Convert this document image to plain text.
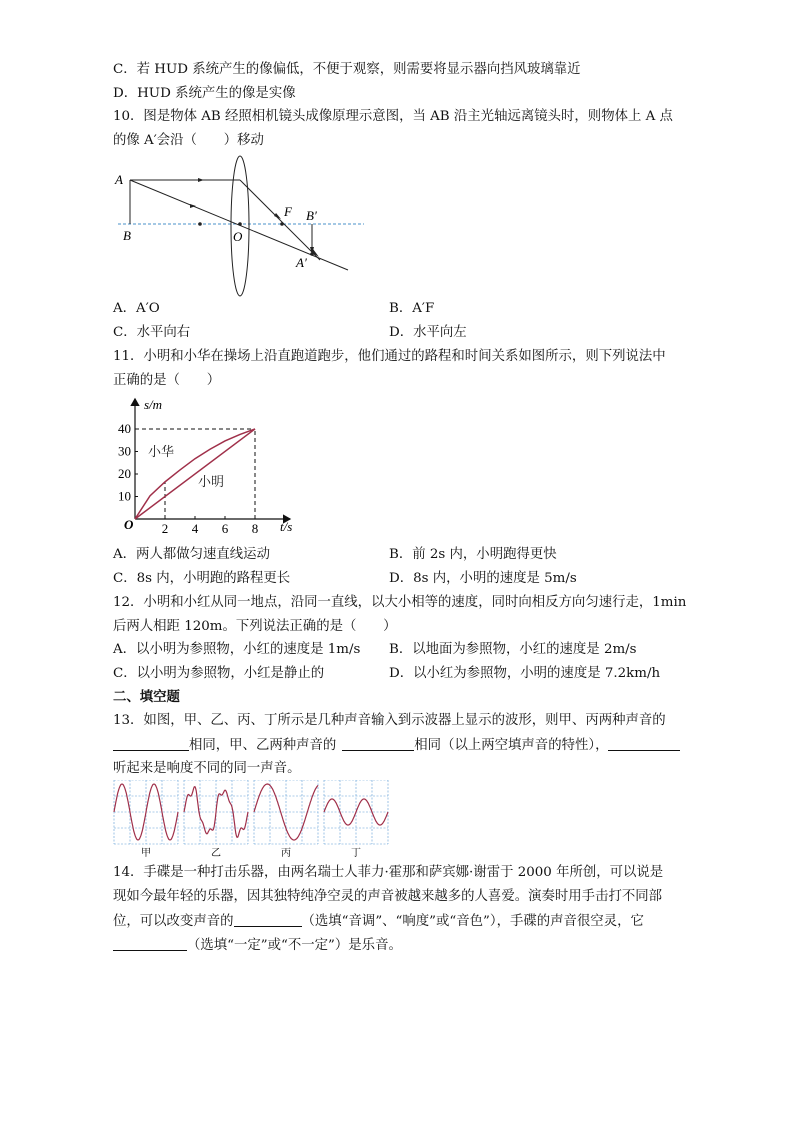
C．若 HUD 系统产生的像偏低，不便于观察，则需要将显示器向挡风玻璃靠近
D．HUD 系统产生的像是实像
10．图是物体 AB 经照相机镜头成像原理示意图，当 AB 沿主光轴远离镜头时，则物体上 A 点
的像 A′会沿（　　）移动
A
B	O
F B′
A′
A．A′O	B．A′F
C．水平向右	D．水平向左
11．小明和小华在操场上沿直跑道跑步，他们通过的路程和时间关系如图所示，则下列说法中
正确的是（　　）
2 4 6 8
10
20
30
40
s/m
t/s
O
小华
小明
A．两人都做匀速直线运动	B．前 2s 内，小明跑得更快
C．8s 内，小明跑的路程更长	D．8s 内，小明的速度是 5m/s
12．小明和小红从同一地点，沿同一直线，以大小相等的速度，同时向相反方向匀速行走，1min
后两人相距 120m。下列说法正确的是（　　）
A．以小明为参照物，小红的速度是 1m/s B．以地面为参照物，小红的速度是 2m/s
C．以小明为参照物，小红是静止的	D．以小红为参照物，小明的速度是 7.2km/h
二、填空题
13．如图，甲、乙、丙、丁所示是几种声音输入到示波器上显示的波形，则甲、丙两种声音的
相同，甲、乙两种声音的	相同（以上两空填声音的特性），
听起来是响度不同的同一声音。
甲	乙	丙	丁
14．手碟是一种打击乐器，由两名瑞士人菲力·霍那和萨宾娜·谢雷于 2000 年所创，可以说是
现如今最年轻的乐器，因其独特纯净空灵的声音被越来越多的人喜爱。演奏时用手击打不同部
位，可以改变声音的	（选填“音调”、“响度”或“音色”），手碟的声音很空灵，它
（选填“一定”或“不一定”）是乐音。
